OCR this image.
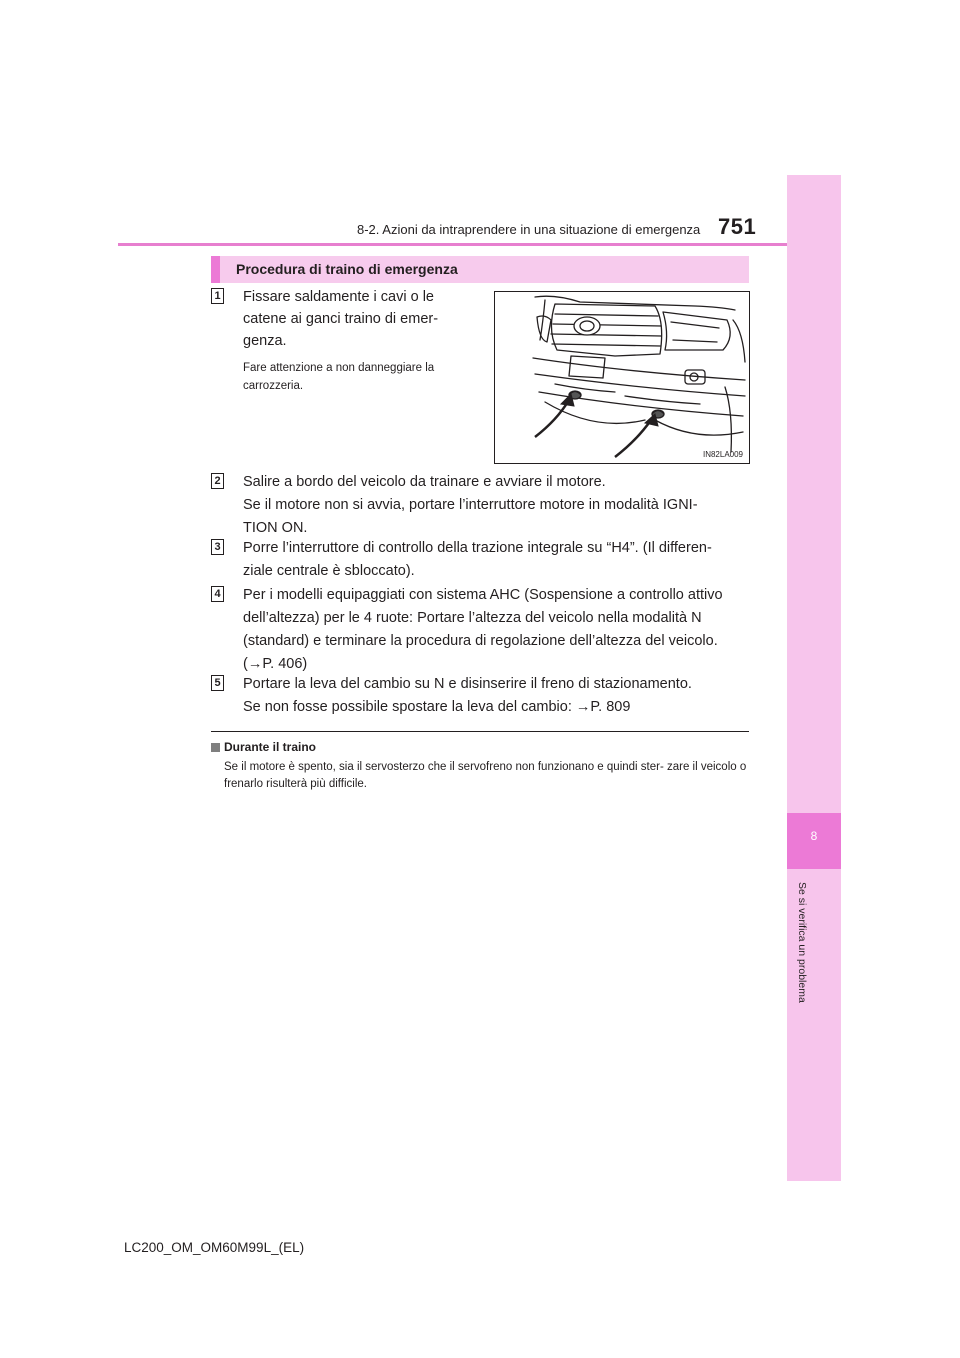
8-2. Azioni da intraprendere in una situazione di emergenza 751
8
Se si verifica un problema
Procedura di traino di emergenza
1 Fissare saldamente i cavi o le
catene ai ganci traino di emer-
genza.
Fare attenzione a non danneggiare la
carrozzeria.
IN82LA009
2 Salire a bordo del veicolo da trainare e avviare il motore.
Se il motore non si avvia, portare l’interruttore motore in modalità IGNI-
TION ON.
3 Porre l’interruttore di controllo della trazione integrale su “H4”. (Il differen-
ziale centrale è sbloccato).
4 Per i modelli equipaggiati con sistema AHC (Sospensione a controllo attivo
dell’altezza) per le 4 ruote: Portare l’altezza del veicolo nella modalità N
(standard) e terminare la procedura di regolazione dell’altezza del veicolo.
(→P. 406)
5 Portare la leva del cambio su N e disinserire il freno di stazionamento.
Se non fosse possibile spostare la leva del cambio: →P. 809
Durante il traino
Se il motore è spento, sia il servosterzo che il servofreno non funzionano e quindi ster- zare il veicolo o frenarlo risulterà più difficile.
LC200_OM_OM60M99L_(EL)
